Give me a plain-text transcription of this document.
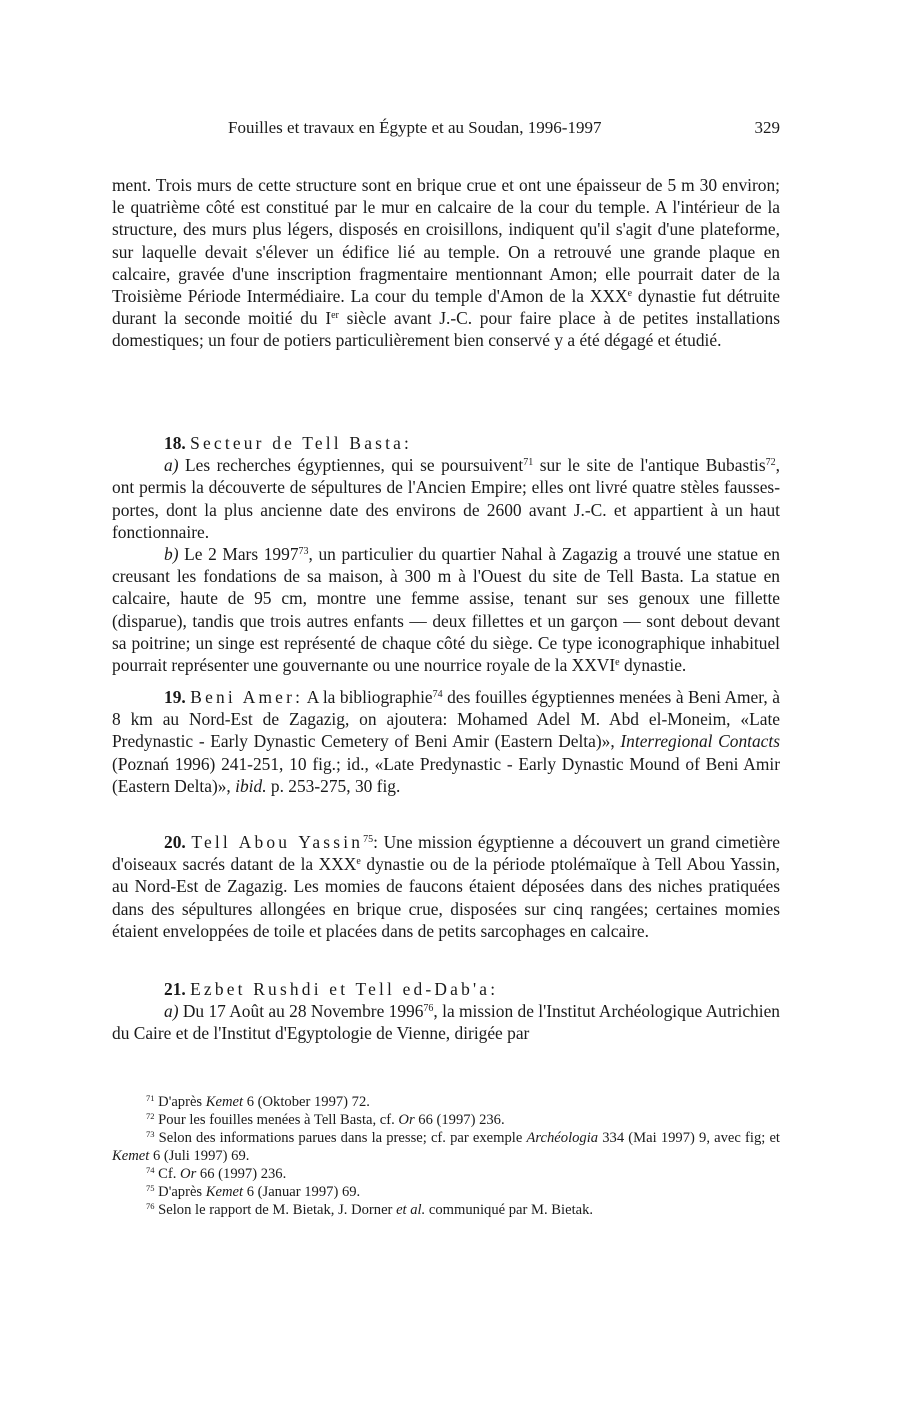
Fouilles et travaux en Égypte et au Soudan, 1996-1997	329

ment. Trois murs de cette structure sont en brique crue et ont une épaisseur de 5 m 30 environ; le quatrième côté est constitué par le mur en calcaire de la cour du temple. A l'intérieur de la structure, des murs plus légers, disposés en croisillons, indiquent qu'il s'agit d'une plateforme, sur laquelle devait s'élever un édifice lié au temple. On a retrouvé une grande plaque en calcaire, gravée d'une inscription fragmentaire mentionnant Amon; elle pourrait dater de la Troisième Période Intermédiaire. La cour du temple d'Amon de la XXXe dynastie fut détruite durant la seconde moitié du Ier siècle avant J.-C. pour faire place à de petites installations domestiques; un four de potiers particulièrement bien conservé y a été dégagé et étudié.

18. Secteur de Tell Basta:

a) Les recherches égyptiennes, qui se poursuivent$^{71}$ sur le site de l'antique Bubastis$^{72}$, ont permis la découverte de sépultures de l'Ancien Empire; elles ont livré quatre stèles fausses-portes, dont la plus ancienne date des environs de 2600 avant J.-C. et appartient à un haut fonctionnaire.

b) Le 2 Mars 1997$^{73}$, un particulier du quartier Nahal à Zagazig a trouvé une statue en creusant les fondations de sa maison, à 300 m à l'Ouest du site de Tell Basta. La statue en calcaire, haute de 95 cm, montre une femme assise, tenant sur ses genoux une fillette (disparue), tandis que trois autres enfants — deux fillettes et un garçon — sont debout devant sa poitrine; un singe est représenté de chaque côté du siège. Ce type iconographique inhabituel pourrait représenter une gouvernante ou une nourrice royale de la XXVIe dynastie.

19. Beni Amer: A la bibliographie$^{74}$ des fouilles égyptiennes menées à Beni Amer, à 8 km au Nord-Est de Zagazig, on ajoutera: Mohamed Adel M. Abd el-Moneim, «Late Predynastic - Early Dynastic Cemetery of Beni Amir (Eastern Delta)», Interregional Contacts (Poznań 1996) 241-251, 10 fig.; id., «Late Predynastic - Early Dynastic Mound of Beni Amir (Eastern Delta)», ibid. p. 253-275, 30 fig.

20. Tell Abou Yassin$^{75}$: Une mission égyptienne a découvert un grand cimetière d'oiseaux sacrés datant de la XXXe dynastie ou de la période ptolémaïque à Tell Abou Yassin, au Nord-Est de Zagazig. Les momies de faucons étaient déposées dans des niches pratiquées dans des sépultures allongées en brique crue, disposées sur cinq rangées; certaines momies étaient enveloppées de toile et placées dans de petits sarcophages en calcaire.

21. Ezbet Rushdi et Tell ed-Dab'a:

a) Du 17 Août au 28 Novembre 1996$^{76}$, la mission de l'Institut Archéologique Autrichien du Caire et de l'Institut d'Egyptologie de Vienne, dirigée par

$^{71}$ D'après Kemet 6 (Oktober 1997) 72.

$^{72}$ Pour les fouilles menées à Tell Basta, cf. Or 66 (1997) 236.

$^{73}$ Selon des informations parues dans la presse; cf. par exemple Archéologia 334 (Mai 1997) 9, avec fig; et Kemet 6 (Juli 1997) 69.

$^{74}$ Cf. Or 66 (1997) 236.

$^{75}$ D'après Kemet 6 (Januar 1997) 69.

$^{76}$ Selon le rapport de M. Bietak, J. Dorner et al. communiqué par M. Bietak.
